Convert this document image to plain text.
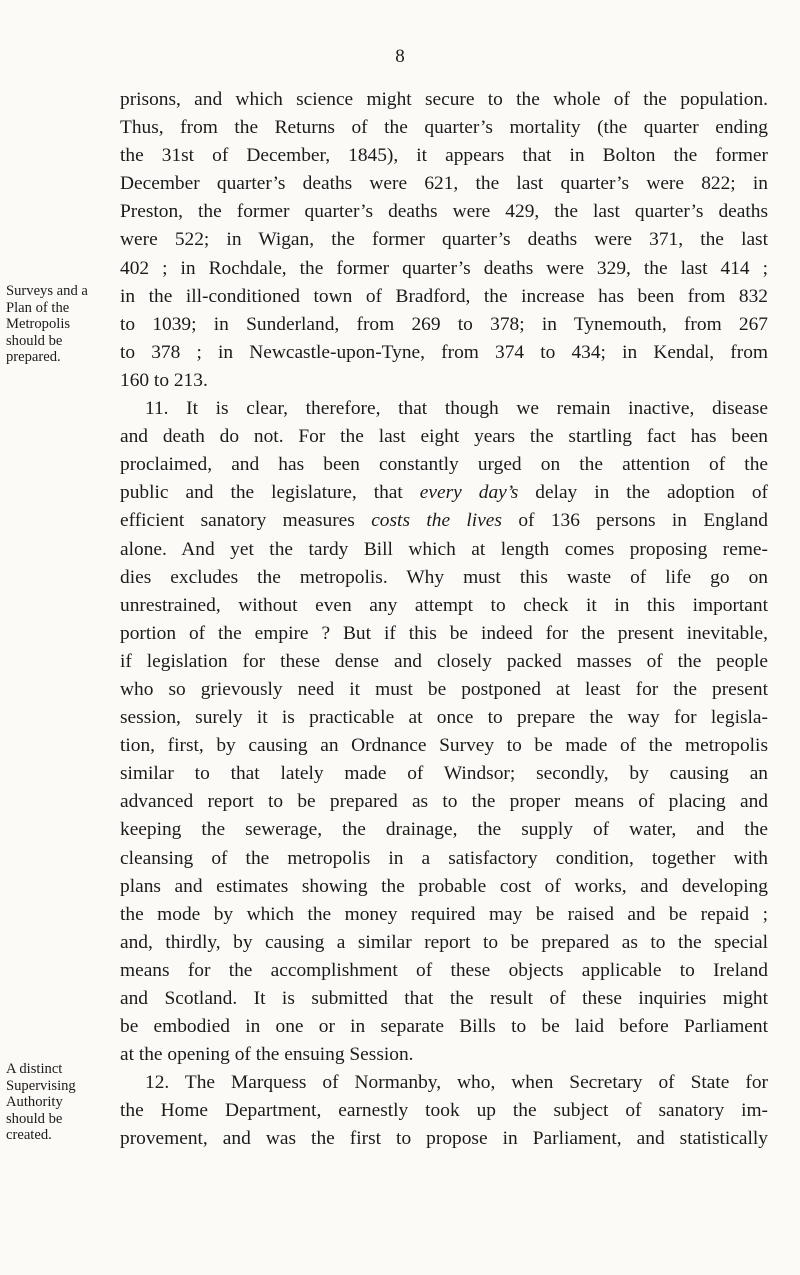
8
Surveys and a
Plan of the
Metropolis
should be
prepared.
A distinct
Supervising
Authority
should be
created.
prisons, and which science might secure to the whole of the population.
Thus, from the Returns of the quarter’s mortality (the quarter ending
the 31st of December, 1845), it appears that in Bolton the former
December quarter’s deaths were 621, the last quarter’s were 822; in
Preston, the former quarter’s deaths were 429, the last quarter’s deaths
were 522; in Wigan, the former quarter’s deaths were 371, the last
402 ; in Rochdale, the former quarter’s deaths were 329, the last 414 ;
in the ill-conditioned town of Bradford, the increase has been from 832
to 1039; in Sunderland, from 269 to 378; in Tynemouth, from 267
to 378 ; in Newcastle-upon-Tyne, from 374 to 434; in Kendal, from
160 to 213.
11. It is clear, therefore, that though we remain inactive, disease
and death do not. For the last eight years the startling fact has been
proclaimed, and has been constantly urged on the attention of the
public and the legislature, that every day’s delay in the adoption of
efficient sanatory measures costs the lives of 136 persons in England
alone. And yet the tardy Bill which at length comes proposing reme-
dies excludes the metropolis. Why must this waste of life go on
unrestrained, without even any attempt to check it in this important
portion of the empire ? But if this be indeed for the present inevitable,
if legislation for these dense and closely packed masses of the people
who so grievously need it must be postponed at least for the present
session, surely it is practicable at once to prepare the way for legisla-
tion, first, by causing an Ordnance Survey to be made of the metropolis
similar to that lately made of Windsor; secondly, by causing an
advanced report to be prepared as to the proper means of placing and
keeping the sewerage, the drainage, the supply of water, and the
cleansing of the metropolis in a satisfactory condition, together with
plans and estimates showing the probable cost of works, and developing
the mode by which the money required may be raised and be repaid ;
and, thirdly, by causing a similar report to be prepared as to the special
means for the accomplishment of these objects applicable to Ireland
and Scotland. It is submitted that the result of these inquiries might
be embodied in one or in separate Bills to be laid before Parliament
at the opening of the ensuing Session.
12. The Marquess of Normanby, who, when Secretary of State for
the Home Department, earnestly took up the subject of sanatory im-
provement, and was the first to propose in Parliament, and statistically
